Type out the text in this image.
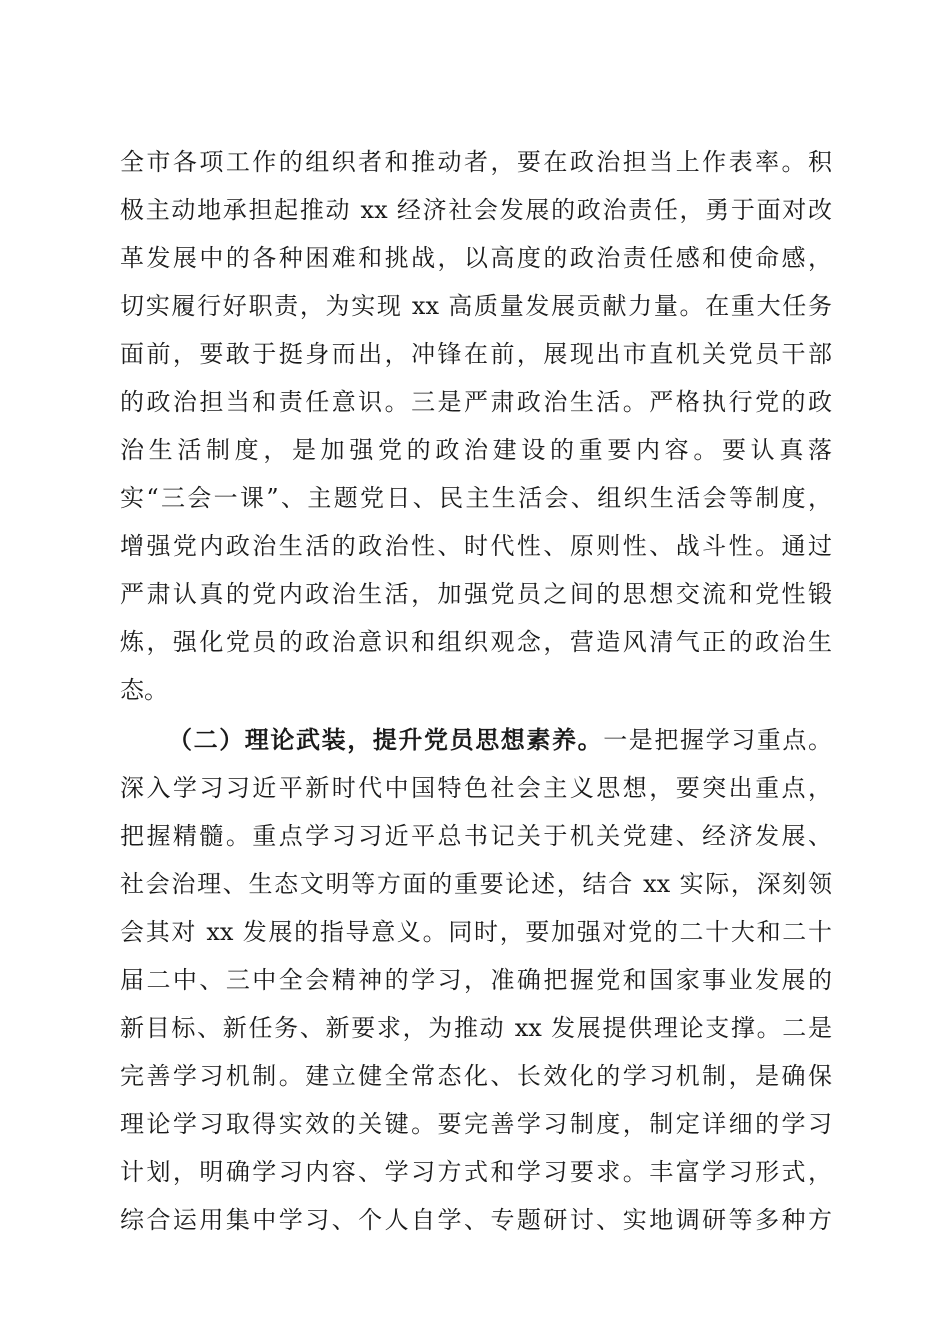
全市各项工作的组织者和推动者，要在政治担当上作表率。积
极主动地承担起推动 xx 经济社会发展的政治责任，勇于面对改
革发展中的各种困难和挑战，以高度的政治责任感和使命感，
切实履行好职责，为实现 xx 高质量发展贡献力量。在重大任务
面前，要敢于挺身而出，冲锋在前，展现出市直机关党员干部
的政治担当和责任意识。三是严肃政治生活。严格执行党的政
治生活制度，是加强党的政治建设的重要内容。要认真落
实“三会一课”、主题党日、民主生活会、组织生活会等制度，
增强党内政治生活的政治性、时代性、原则性、战斗性。通过
严肃认真的党内政治生活，加强党员之间的思想交流和党性锻
炼，强化党员的政治意识和组织观念，营造风清气正的政治生
态。
（二）理论武装，提升党员思想素养。一是把握学习重点。
深入学习习近平新时代中国特色社会主义思想，要突出重点，
把握精髓。重点学习习近平总书记关于机关党建、经济发展、
社会治理、生态文明等方面的重要论述，结合 xx 实际，深刻领
会其对 xx 发展的指导意义。同时，要加强对党的二十大和二十
届二中、三中全会精神的学习，准确把握党和国家事业发展的
新目标、新任务、新要求，为推动 xx 发展提供理论支撑。二是
完善学习机制。建立健全常态化、长效化的学习机制，是确保
理论学习取得实效的关键。要完善学习制度，制定详细的学习
计划，明确学习内容、学习方式和学习要求。丰富学习形式，
综合运用集中学习、个人自学、专题研讨、实地调研等多种方
